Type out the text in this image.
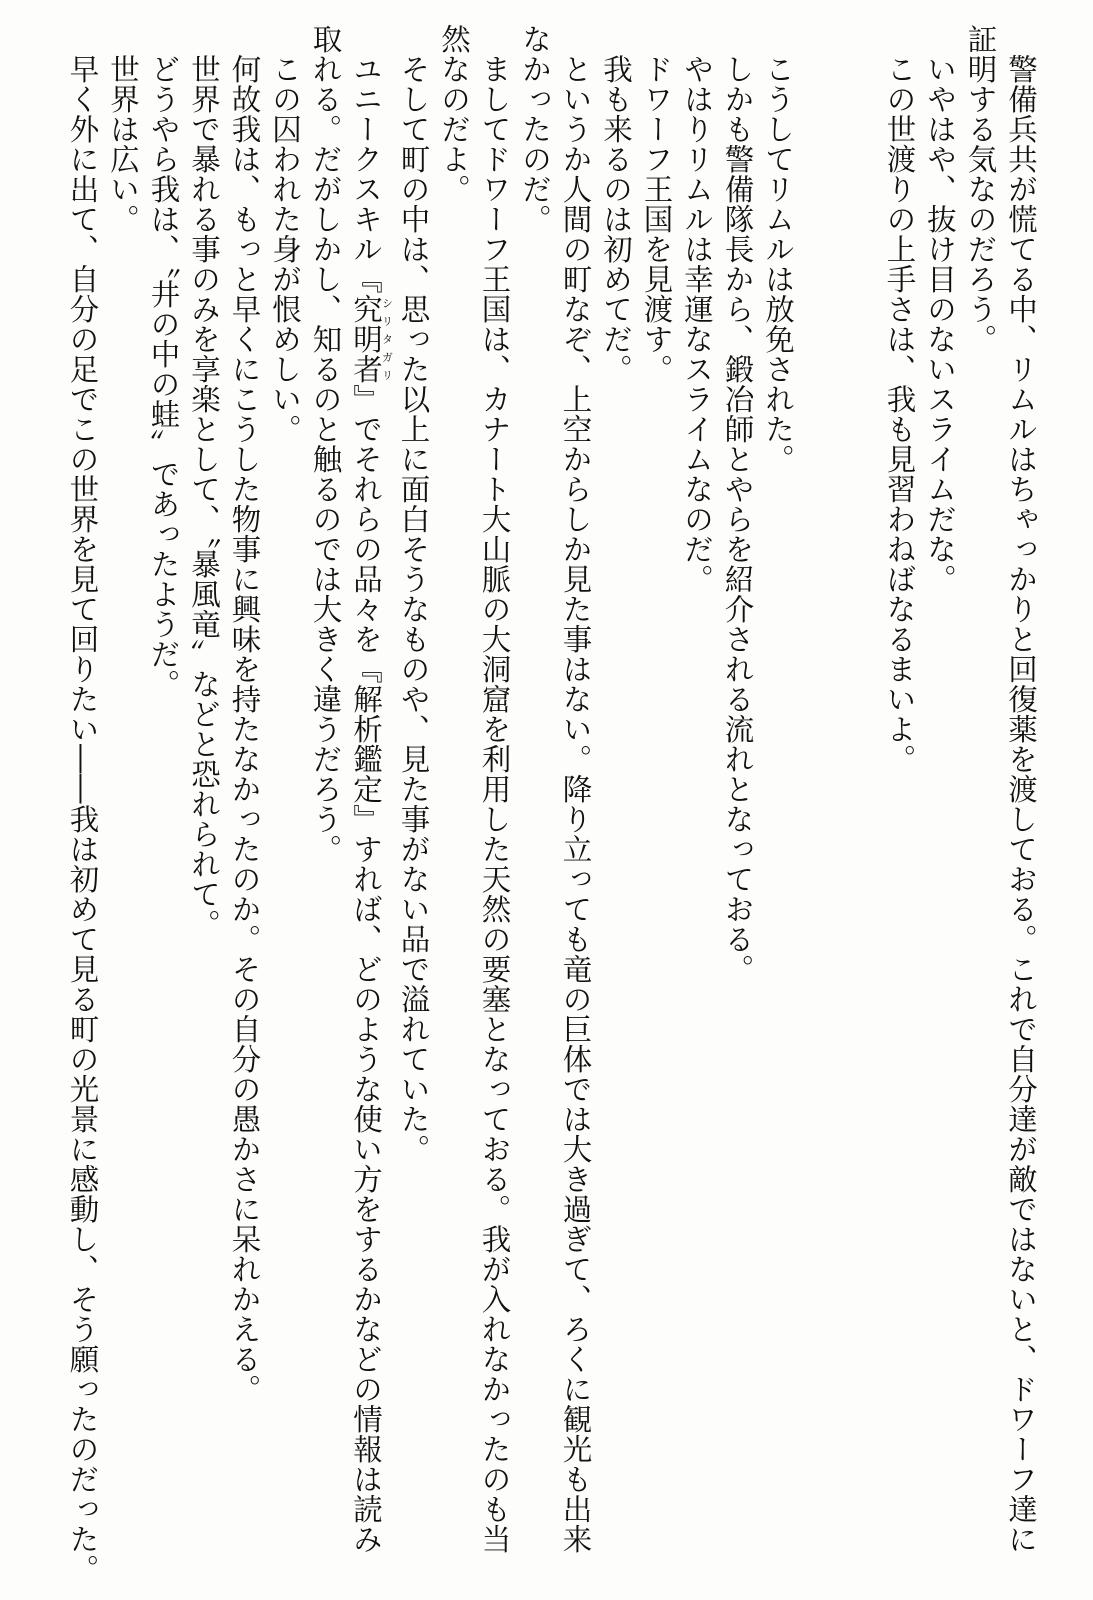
　警備兵共が慌てる中、リムルはちゃっかりと回復薬を渡しておる。これで自分達が敵ではないと、ドワーフ達に
証明する気なのだろう。
　いやはや、抜け目のないスライムだな。
　この世渡りの上手さは、我も見習わねばなるまいよ。
　こうしてリムルは放免された。
　しかも警備隊長から、鍛冶師とやらを紹介される流れとなっておる。
　やはりリムルは幸運なスライムなのだ。
　ドワーフ王国を見渡す。
　我も来るのは初めてだ。
　というか人間の町なぞ、上空からしか見た事はない。降り立っても竜の巨体では大き過ぎて、ろくに観光も出来
なかったのだ。
　ましてドワーフ王国は、カナート大山脈の大洞窟を利用した天然の要塞となっておる。我が入れなかったのも当
然なのだよ。
　そして町の中は、思った以上に面白そうなものや、見た事がない品で溢れていた。
　ユニークスキル『究明者シリタガリ』でそれらの品々を『解析鑑定』すれば、どのような使い方をするかなどの情報は読み
取れる。だがしかし、知るのと触るのでは大きく違うだろう。
　この囚われた身が恨めしい。
　何故我は、もっと早くにこうした物事に興味を持たなかったのか。その自分の愚かさに呆れかえる。
　世界で暴れる事のみを享楽として、〝暴風竜〟などと恐れられて。
　どうやら我は、〝井の中の蛙〟であったようだ。
　世界は広い。
　早く外に出て、自分の足でこの世界を見て回りたい――我は初めて見る町の光景に感動し、そう願ったのだった。
